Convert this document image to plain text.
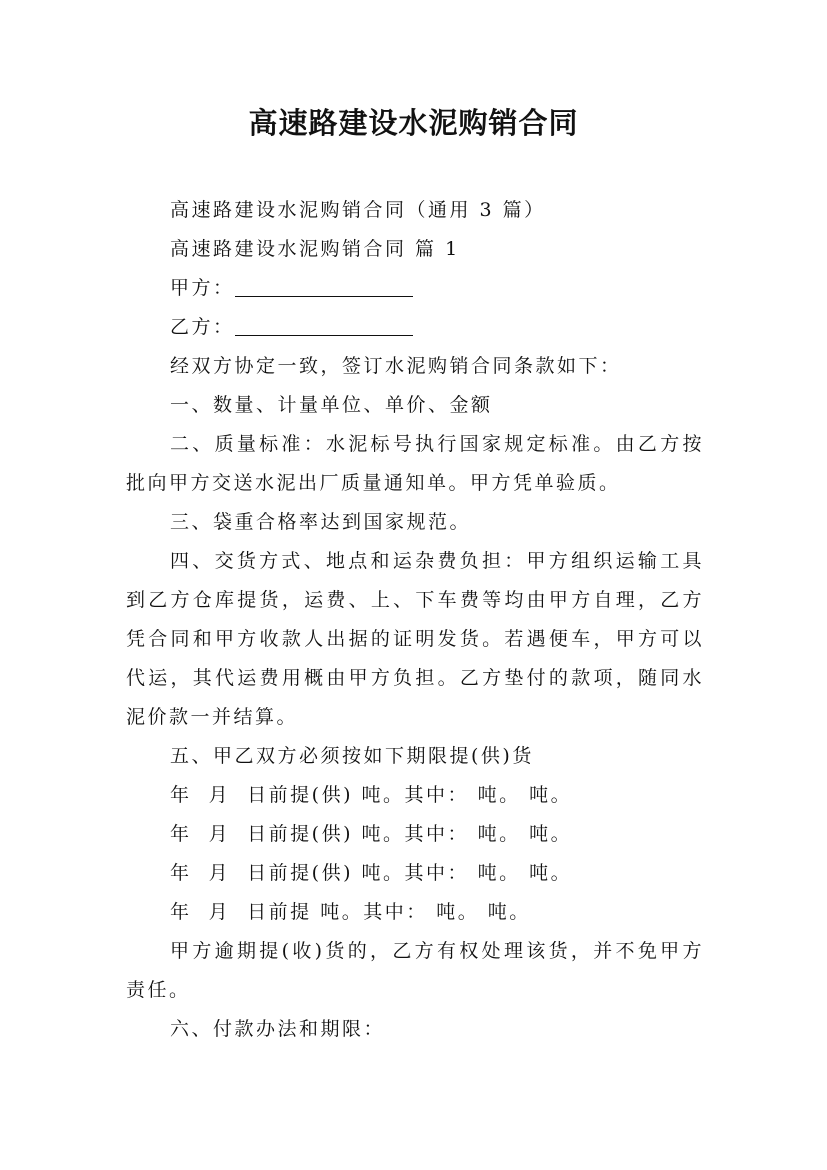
高速路建设水泥购销合同

高速路建设水泥购销合同（通用 3 篇）

高速路建设水泥购销合同 篇 1

甲方：

乙方：

经双方协定一致，签订水泥购销合同条款如下：

一、数量、计量单位、单价、金额

二、质量标准：水泥标号执行国家规定标准。由乙方按批向甲方交送水泥出厂质量通知单。甲方凭单验质。

三、袋重合格率达到国家规范。

四、交货方式、地点和运杂费负担：甲方组织运输工具到乙方仓库提货，运费、上、下车费等均由甲方自理，乙方凭合同和甲方收款人出据的证明发货。若遇便车，甲方可以代运，其代运费用概由甲方负担。乙方垫付的款项，随同水泥价款一并结算。

五、甲乙双方必须按如下期限提(供)货

年  月  日前提(供) 吨。其中： 吨。 吨。

年  月  日前提(供) 吨。其中： 吨。 吨。

年  月  日前提(供) 吨。其中： 吨。 吨。

年  月  日前提 吨。其中： 吨。 吨。

甲方逾期提(收)货的，乙方有权处理该货，并不免甲方责任。

六、付款办法和期限：
